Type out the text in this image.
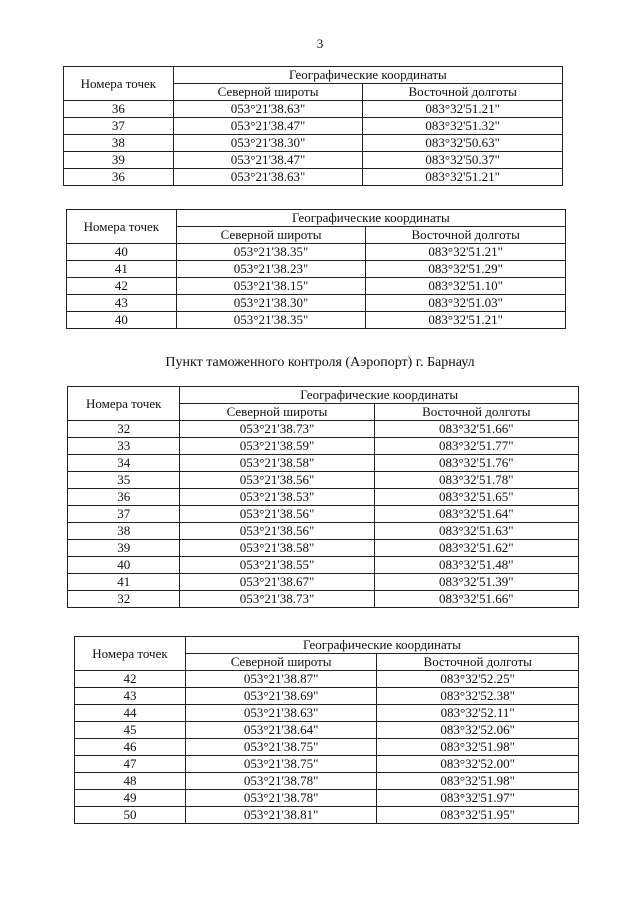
3
Номера точек	Географические координаты	
	Северной широты	Восточной долготы
36	053°21'38.63"	083°32'51.21"
37	053°21'38.47"	083°32'51.32"
38	053°21'38.30"	083°32'50.63"
39	053°21'38.47"	083°32'50.37"
36	053°21'38.63"	083°32'51.21"
Номера точек	Географические координаты	
	Северной широты	Восточной долготы
40	053°21'38.35"	083°32'51.21"
41	053°21'38.23"	083°32'51.29"
42	053°21'38.15"	083°32'51.10"
43	053°21'38.30"	083°32'51.03"
40	053°21'38.35"	083°32'51.21"
Пункт таможенного контроля (Аэропорт) г. Барнаул
Номера точек	Географические координаты	
	Северной широты	Восточной долготы
32	053°21'38.73"	083°32'51.66"
33	053°21'38.59"	083°32'51.77"
34	053°21'38.58"	083°32'51.76"
35	053°21'38.56"	083°32'51.78"
36	053°21'38.53"	083°32'51.65"
37	053°21'38.56"	083°32'51.64"
38	053°21'38.56"	083°32'51.63"
39	053°21'38.58"	083°32'51.62"
40	053°21'38.55"	083°32'51.48"
41	053°21'38.67"	083°32'51.39"
32	053°21'38.73"	083°32'51.66"
Номера точек	Географические координаты	
	Северной широты	Восточной долготы
42	053°21'38.87"	083°32'52.25"
43	053°21'38.69"	083°32'52.38"
44	053°21'38.63"	083°32'52.11"
45	053°21'38.64"	083°32'52.06"
46	053°21'38.75"	083°32'51.98"
47	053°21'38.75"	083°32'52.00"
48	053°21'38.78"	083°32'51.98"
49	053°21'38.78"	083°32'51.97"
50	053°21'38.81"	083°32'51.95"
